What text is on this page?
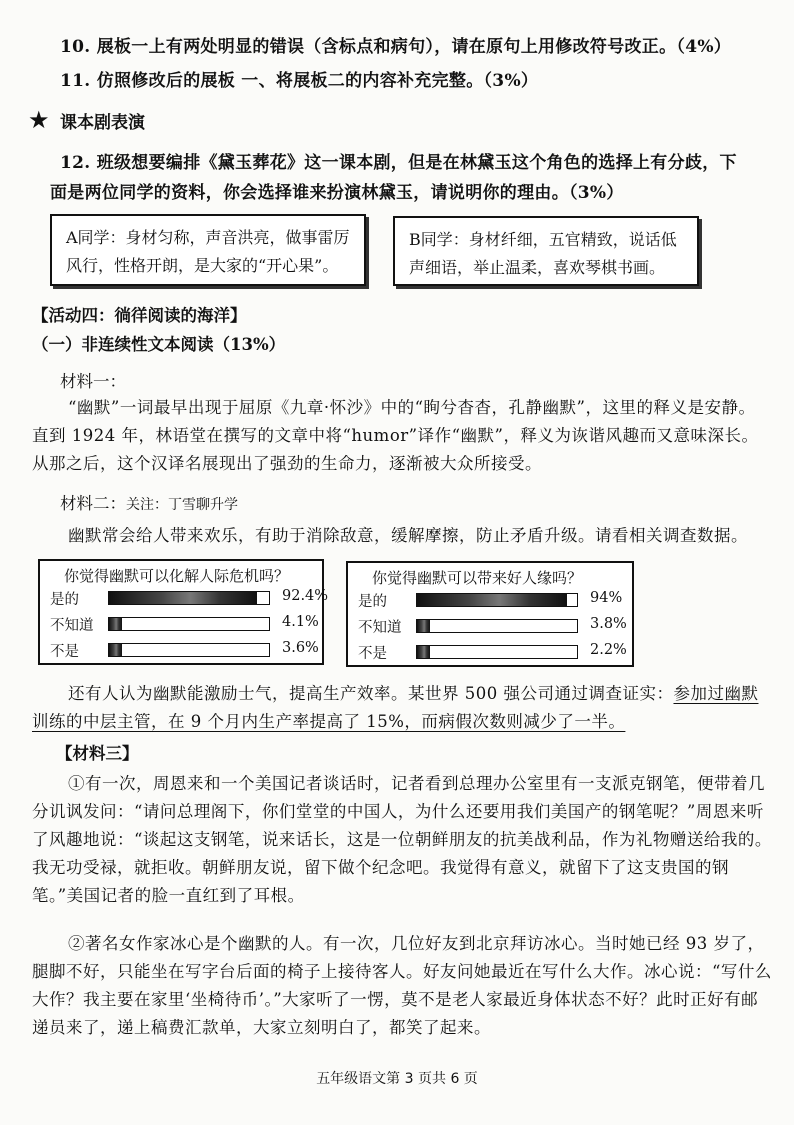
10. 展板一上有两处明显的错误（含标点和病句），请在原句上用修改符号改正。（4%）
11. 仿照修改后的展板 一、将展板二的内容补充完整。（3%）
★ 课本剧表演
12. 班级想要编排《黛玉葬花》这一课本剧，但是在林黛玉这个角色的选择上有分歧，下
面是两位同学的资料，你会选择谁来扮演林黛玉，请说明你的理由。（3%）
A同学：身材匀称，声音洪亮，做事雷厉风行，性格开朗，是大家的“开心果”。
B同学：身材纤细，五官精致，说话低声细语，举止温柔，喜欢琴棋书画。
【活动四：徜徉阅读的海洋】
（一）非连续性文本阅读（13%）
材料一：
“幽默”一词最早出现于屈原《九章·怀沙》中的“眴兮杳杳，孔静幽默”，这里的释义是安静。直到 1924 年，林语堂在撰写的文章中将“humor”译作“幽默”，释义为诙谐风趣而又意味深长。从那之后，这个汉译名展现出了强劲的生命力，逐渐被大众所接受。
材料二：关注：丁雪聊升学
幽默常会给人带来欢乐，有助于消除敌意，缓解摩擦，防止矛盾升级。请看相关调查数据。
你觉得幽默可以化解人际危机吗？
是的	92.4%
不知道	4.1%
不是	3.6%
你觉得幽默可以带来好人缘吗？
是的	94%
不知道	3.8%
不是	2.2%
还有人认为幽默能激励士气，提高生产效率。某世界 500 强公司通过调查证实：参加过幽默训练的中层主管，在 9 个月内生产率提高了 15%，而病假次数则减少了一半。
【材料三】
①有一次，周恩来和一个美国记者谈话时，记者看到总理办公室里有一支派克钢笔，便带着几分讥讽发问：“请问总理阁下，你们堂堂的中国人，为什么还要用我们美国产的钢笔呢？”周恩来听了风趣地说：“谈起这支钢笔，说来话长，这是一位朝鲜朋友的抗美战利品，作为礼物赠送给我的。我无功受禄，就拒收。朝鲜朋友说，留下做个纪念吧。我觉得有意义，就留下了这支贵国的钢笔。”美国记者的脸一直红到了耳根。
②著名女作家冰心是个幽默的人。有一次，几位好友到北京拜访冰心。当时她已经 93 岁了，腿脚不好，只能坐在写字台后面的椅子上接待客人。好友问她最近在写什么大作。冰心说：“写什么大作？我主要在家里‘坐椅待币’。”大家听了一愣，莫不是老人家最近身体状态不好？此时正好有邮递员来了，递上稿费汇款单，大家立刻明白了，都笑了起来。
五年级语文第 3 页共 6 页
